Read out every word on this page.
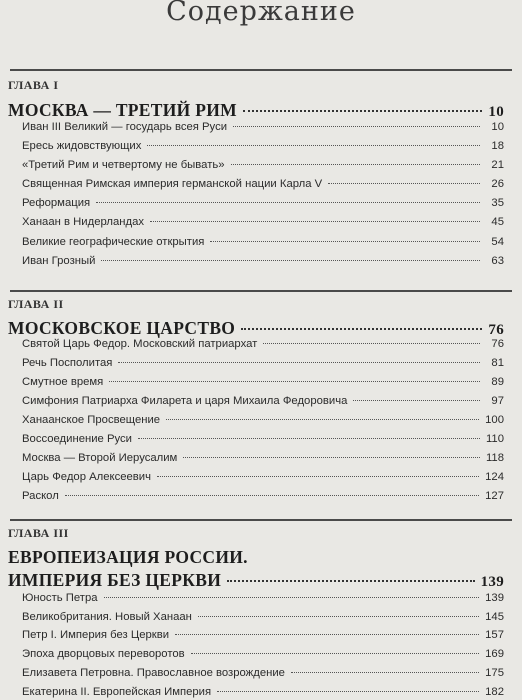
Содержание
ГЛАВА I
МОСКВА — ТРЕТИЙ РИМ	10
Иван III Великий — государь всея Руси	10
Ересь жидовствующих	18
«Третий Рим и четвертому не бывать»	21
Священная Римская империя германской нации Карла V	26
Реформация	35
Ханаан в Нидерландах	45
Великие географические открытия	54
Иван Грозный	63
ГЛАВА II
МОСКОВСКОЕ ЦАРСТВО	76
Святой Царь Федор. Московский патриархат	76
Речь Посполитая	81
Смутное время	89
Симфония Патриарха Филарета и царя Михаила Федоровича	97
Ханаанское Просвещение	100
Воссоединение Руси	110
Москва — Второй Иерусалим	118
Царь Федор Алексеевич	124
Раскол	127
ГЛАВА III
ЕВРОПЕИЗАЦИЯ РОССИИ.
ИМПЕРИЯ БЕЗ ЦЕРКВИ	139
Юность Петра	139
Великобритания. Новый Ханаан	145
Петр I. Империя без Церкви	157
Эпоха дворцовых переворотов	169
Елизавета Петровна. Православное возрождение	175
Екатерина II. Европейская Империя	182
